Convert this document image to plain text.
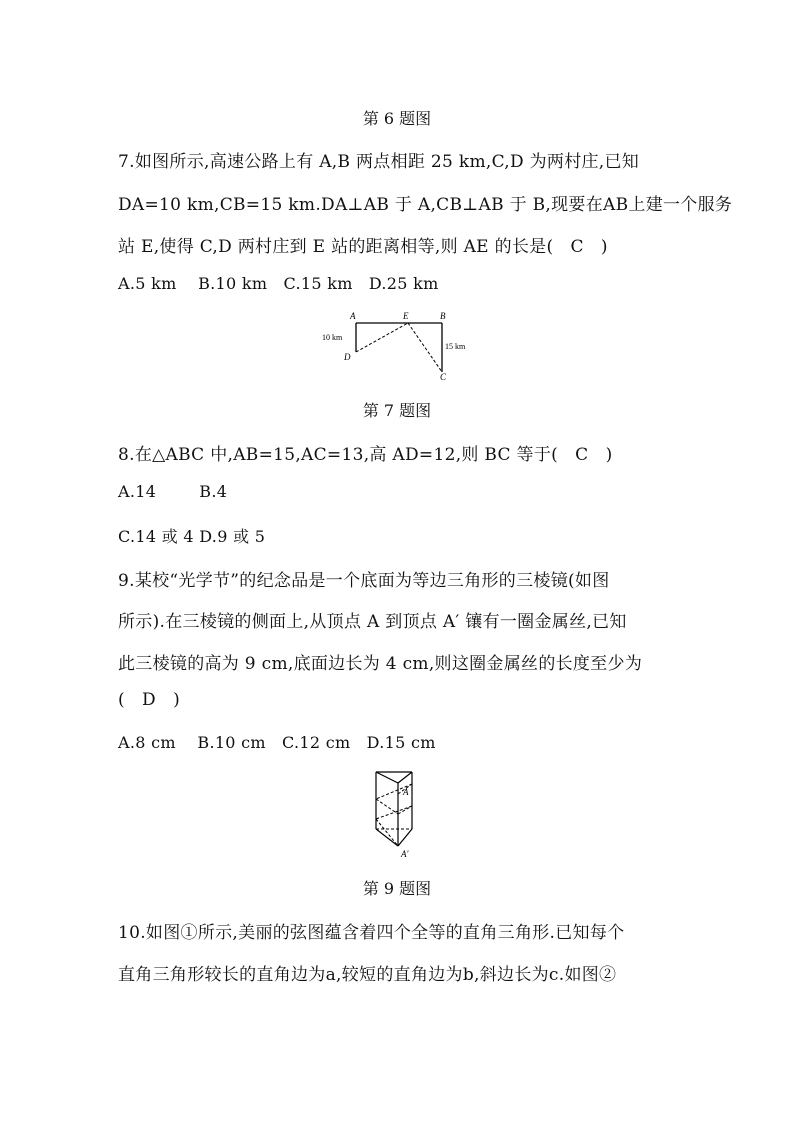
第 6 题图
7.如图所示,高速公路上有 A,B 两点相距 25 km,C,D 为两村庄,已知
DA=10 km,CB=15 km.DA⊥AB 于 A,CB⊥AB 于 B,现要在AB上建一个服务
站 E,使得 C,D 两村庄到 E 站的距离相等,则 AE 的长是(   C   )
A.5 km    B.10 km   C.15 km   D.25 km
A	E	B
D
C
10 km
15 km
第 7 题图
8.在△ABC 中,AB=15,AC=13,高 AD=12,则 BC 等于(   C   )
A.14        B.4
C.14 或 4 D.9 或 5
9.某校“光学节”的纪念品是一个底面为等边三角形的三棱镜(如图
所示).在三棱镜的侧面上,从顶点 A 到顶点 A′ 镶有一圈金属丝,已知
此三棱镜的高为 9 cm,底面边长为 4 cm,则这圈金属丝的长度至少为
(   D   )
A.8 cm    B.10 cm   C.12 cm   D.15 cm
A
A′
第 9 题图
10.如图①所示,美丽的弦图蕴含着四个全等的直角三角形.已知每个
直角三角形较长的直角边为a,较短的直角边为b,斜边长为c.如图②
